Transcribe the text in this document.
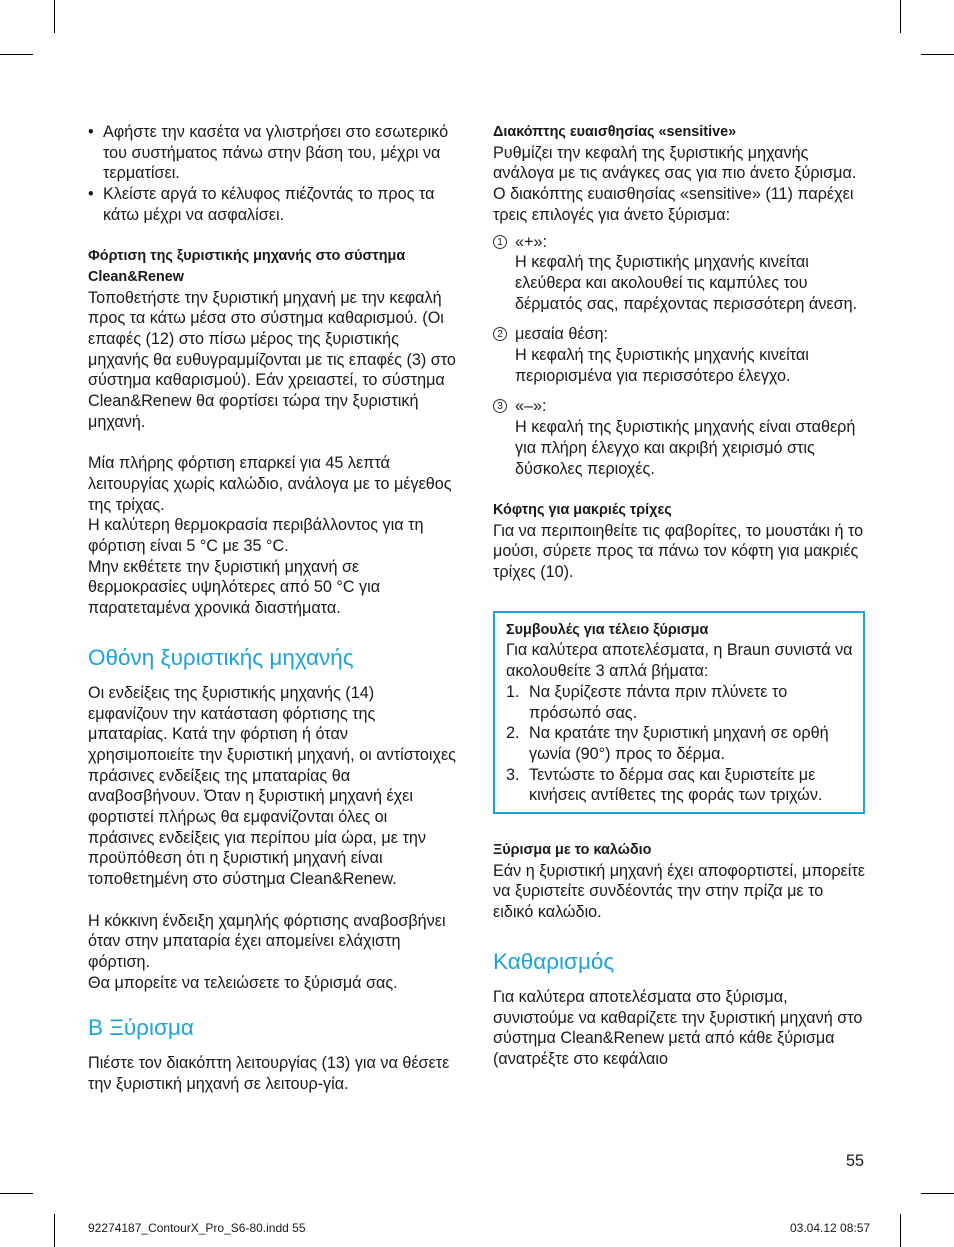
• Αφήστε την κασέτα να γλιστρήσει στο εσωτερικό του συστήματος πάνω στην βάση του, μέχρι να τερματίσει.
• Κλείστε αργά το κέλυφος πιέζοντάς το προς τα κάτω μέχρι να ασφαλίσει.

Φόρτιση της ξυριστικής μηχανής στο σύστημα Clean&Renew

Τοποθετήστε την ξυριστική μηχανή με την κεφαλή προς τα κάτω μέσα στο σύστημα καθαρισμού. (Οι επαφές (12) στο πίσω μέρος της ξυριστικής μηχανής θα ευθυγραμμίζονται με τις επαφές (3) στο σύστημα καθαρισμού). Εάν χρειαστεί, το σύστημα Clean&Renew θα φορτίσει τώρα την ξυριστική μηχανή.

Μία πλήρης φόρτιση επαρκεί για 45 λεπτά λειτουργίας χωρίς καλώδιο, ανάλογα με το μέγεθος της τρίχας.

Η καλύτερη θερμοκρασία περιβάλλοντος για τη φόρτιση είναι 5 °C με 35 °C.

Μην εκθέτετε την ξυριστική μηχανή σε θερμοκρασίες υψηλότερες από 50 °C για παρατεταμένα χρονικά διαστήματα.

Οθόνη ξυριστικής μηχανής

Οι ενδείξεις της ξυριστικής μηχανής (14) εμφανίζουν την κατάσταση φόρτισης της μπαταρίας. Κατά την φόρτιση ή όταν χρησιμοποιείτε την ξυριστική μηχανή, οι αντίστοιχες πράσινες ενδείξεις της μπαταρίας θα αναβοσβήνουν. Όταν η ξυριστική μηχανή έχει φορτιστεί πλήρως θα εμφανίζονται όλες οι πράσινες ενδείξεις για περίπου μία ώρα, με την προϋπόθεση ότι η ξυριστική μηχανή είναι τοποθετημένη στο σύστημα Clean&Renew.

Η κόκκινη ένδειξη χαμηλής φόρτισης αναβοσβήνει όταν στην μπαταρία έχει απομείνει ελάχιστη φόρτιση.

Θα μπορείτε να τελειώσετε το ξύρισμά σας.

B Ξύρισμα

Πιέστε τον διακόπτη λειτουργίας (13) για να θέσετε την ξυριστική μηχανή σε λειτουρ-γία.

Διακόπτης ευαισθησίας «sensitive»

Ρυθμίζει την κεφαλή της ξυριστικής μηχανής ανάλογα με τις ανάγκες σας για πιο άνετο ξύρισμα.

Ο διακόπτης ευαισθησίας «sensitive» (11) παρέχει τρεις επιλογές για άνετο ξύρισμα:

1 «+»:
Η κεφαλή της ξυριστικής μηχανής κινείται ελεύθερα και ακολουθεί τις καμπύλες του δέρματός σας, παρέχοντας περισσότερη άνεση.
2 μεσαία θέση:
Η κεφαλή της ξυριστικής μηχανής κινείται περιορισμένα για περισσότερο έλεγχο.
3 «–»:
Η κεφαλή της ξυριστικής μηχανής είναι σταθερή για πλήρη έλεγχο και ακριβή χειρισμό στις δύσκολες περιοχές.

Κόφτης για μακριές τρίχες

Για να περιποιηθείτε τις φαβορίτες, το μουστάκι ή το μούσι, σύρετε προς τα πάνω τον κόφτη για μακριές τρίχες (10).

Συμβουλές για τέλειο ξύρισμα

Για καλύτερα αποτελέσματα, η Braun συνιστά να ακολουθείτε 3 απλά βήματα:

1. Να ξυρίζεστε πάντα πριν πλύνετε το πρόσωπό σας.
2. Να κρατάτε την ξυριστική μηχανή σε ορθή γωνία (90°) προς το δέρμα.
3. Τεντώστε το δέρμα σας και ξυριστείτε με κινήσεις αντίθετες της φοράς των τριχών.

Ξύρισμα με το καλώδιο

Εάν η ξυριστική μηχανή έχει αποφορτιστεί, μπορείτε να ξυριστείτε συνδέοντάς την στην πρίζα με το ειδικό καλώδιο.

Καθαρισμός

Για καλύτερα αποτελέσματα στο ξύρισμα, συνιστούμε να καθαρίζετε την ξυριστική μηχανή στο σύστημα Clean&Renew μετά από κάθε ξύρισμα (ανατρέξτε στο κεφάλαιο

55
92274187_ContourX_Pro_S6-80.indd 55	03.04.12 08:57
